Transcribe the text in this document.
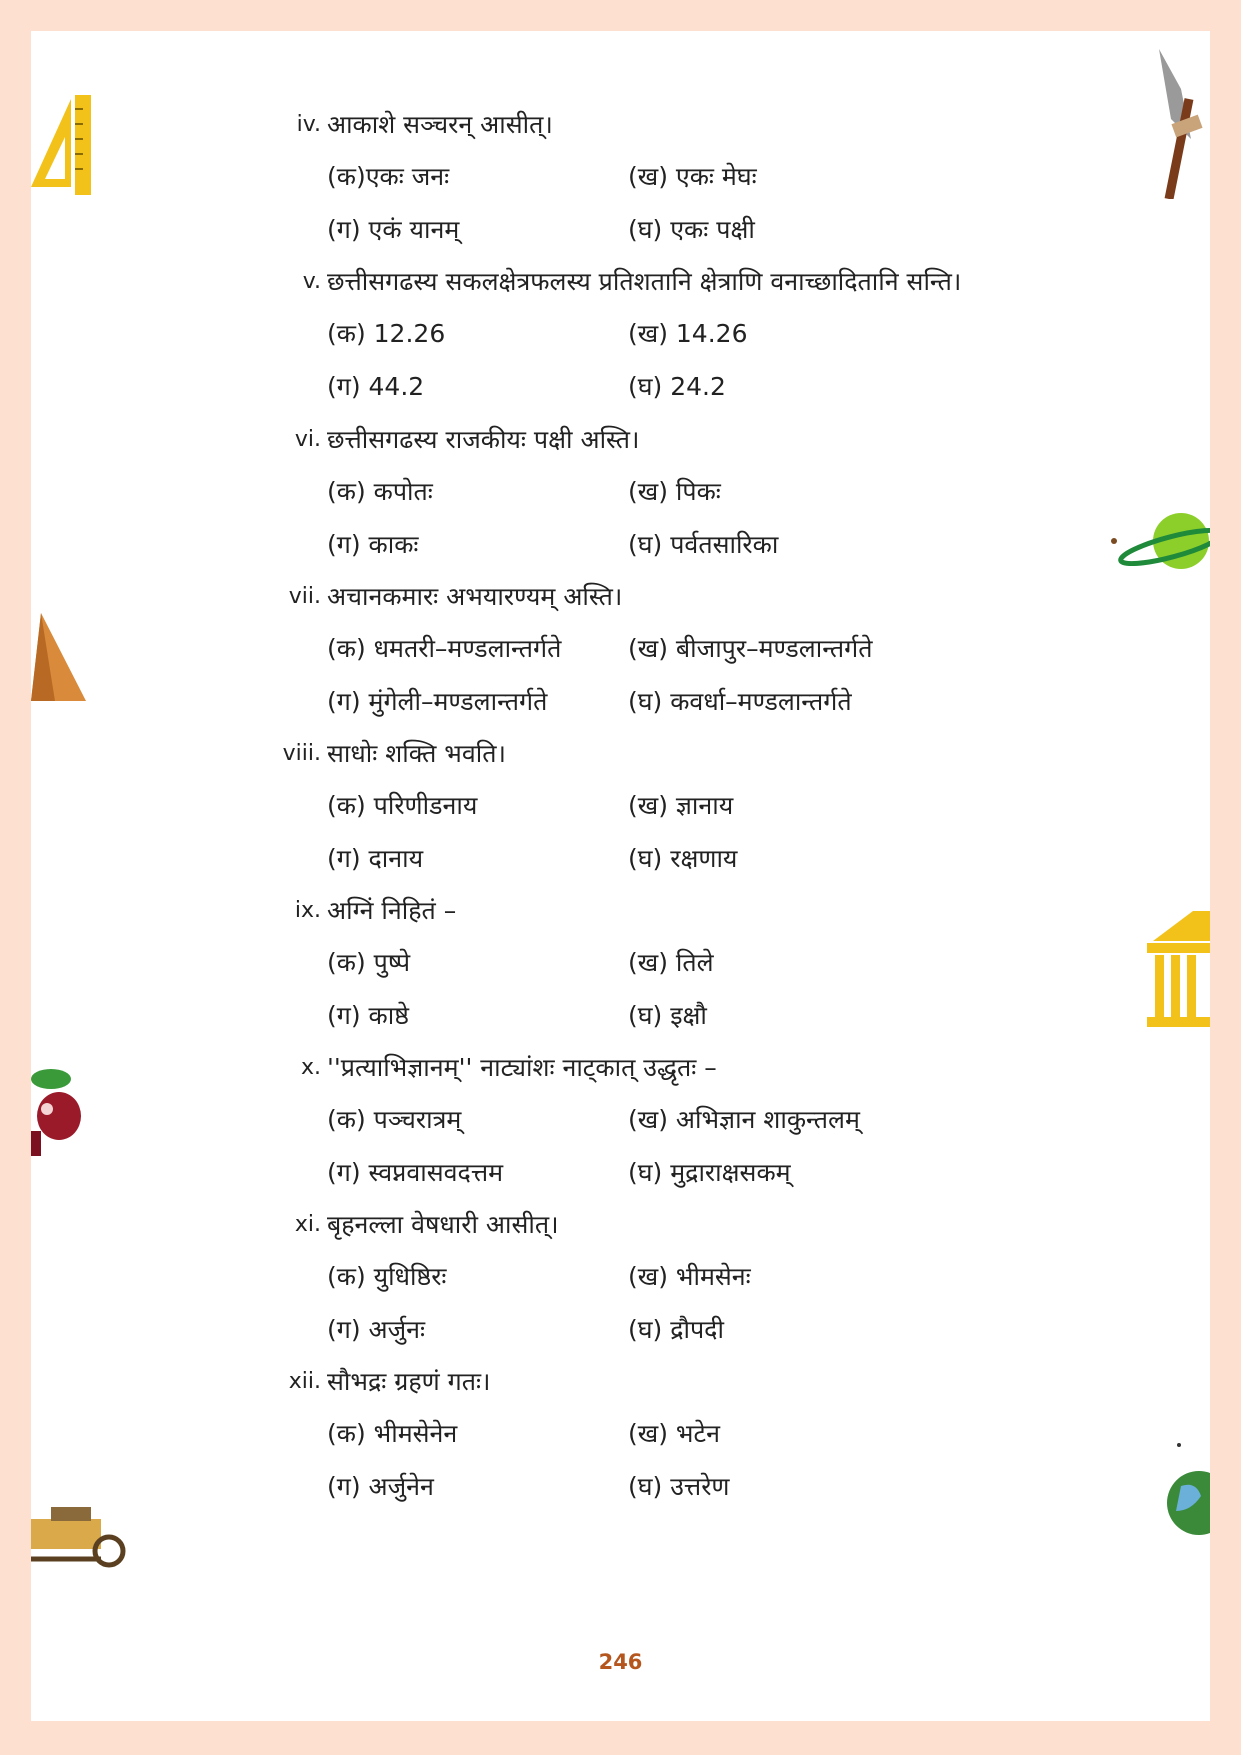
iv. आकाशे सञ्चरन् आसीत्।
(क)एकः जनः	(ख) एकः मेघः
(ग) एकं यानम्	(घ) एकः पक्षी
v. छत्तीसगढस्य सकलक्षेत्रफलस्य प्रतिशतानि क्षेत्राणि वनाच्छादितानि सन्ति।
(क) 12.26	(ख) 14.26
(ग) 44.2	(घ) 24.2
vi. छत्तीसगढस्य राजकीयः पक्षी अस्ति।
(क) कपोतः	(ख) पिकः
(ग) काकः	(घ) पर्वतसारिका
vii. अचानकमारः अभयारण्यम् अस्ति।
(क) धमतरी–मण्डलान्तर्गते	(ख) बीजापुर–मण्डलान्तर्गते
(ग) मुंगेली–मण्डलान्तर्गते	(घ) कवर्धा–मण्डलान्तर्गते
viii. साधोः शक्ति भवति।
(क) परिणीडनाय	(ख) ज्ञानाय
(ग) दानाय	(घ) रक्षणाय
ix. अग्निं निहितं –
(क) पुष्पे	(ख) तिले
(ग) काष्ठे	(घ) इक्षौ
x. ''प्रत्याभिज्ञानम्'' नाट्यांशः नाट्कात् उद्धृतः –
(क) पञ्चरात्रम्	(ख) अभिज्ञान शाकुन्तलम्
(ग) स्वप्नवासवदत्तम	(घ) मुद्राराक्षसकम्
xi. बृहनल्ला वेषधारी आसीत्।
(क) युधिष्ठिरः	(ख) भीमसेनः
(ग) अर्जुनः	(घ) द्रौपदी
xii. सौभद्रः ग्रहणं गतः।
(क) भीमसेनेन	(ख) भटेन
(ग) अर्जुनेन	(घ) उत्तरेण
246
